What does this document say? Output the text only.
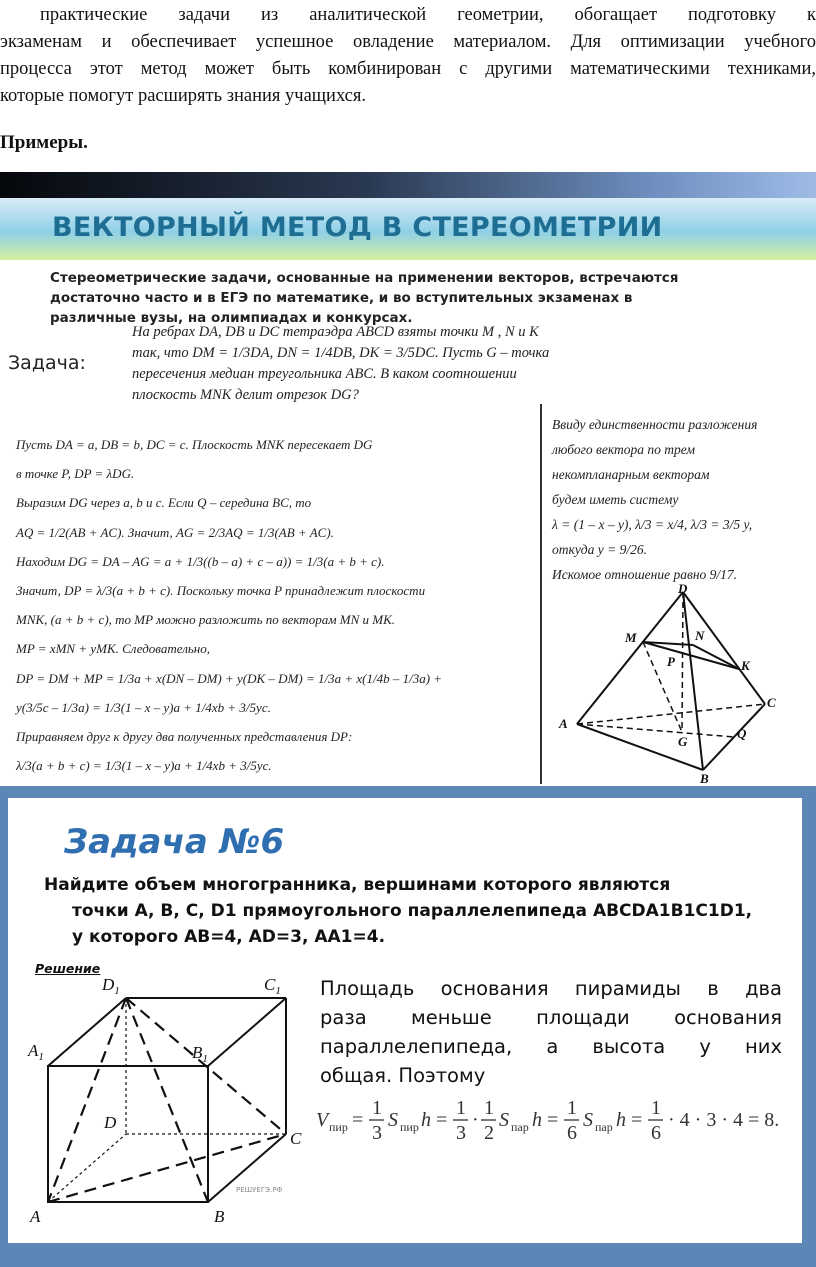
практические задачи из аналитической геометрии, обогащает подготовку к
экзаменам и обеспечивает успешное овладение материалом. Для оптимизации учебного
процесса этот метод может быть комбинирован с другими математическими техниками,
которые помогут расширять знания учащихся.
Примеры.
ВЕКТОРНЫЙ МЕТОД В СТЕРЕОМЕТРИИ
Стереометрические задачи, основанные на применении векторов, встречаются
достаточно часто и в ЕГЭ по математике, и во вступительных экзаменах в
различные вузы, на олимпиадах и конкурсах.
Задача:
На ребрах DA, DB и DC тетраэдра ABCD взяты точки M , N и K
так, что DM = 1/3DA, DN = 1/4DB, DK = 3/5DC. Пусть G – точка
пересечения медиан треугольника ABC. В каком соотношении
плоскость MNK делит отрезок DG?
Пусть DA = a, DB = b, DC = c. Плоскость MNK пересекает DG
в точке P, DP = λDG.
Выразим DG через a, b и c. Если Q – середина BC, то
AQ = 1/2(AB + AC). Значит, AG = 2/3AQ = 1/3(AB + AC).
Находим DG = DA – AG = a + 1/3((b – a) + c – a)) = 1/3(a + b + c).
Значит, DP = λ/3(a + b + c). Поскольку точка P принадлежит плоскости
MNK, (a + b + c), то MP можно разложить по векторам MN и MK.
MP = xMN + yMK. Следовательно,
DP = DM + MP = 1/3a + x(DN – DM) + y(DK – DM) = 1/3a + x(1/4b – 1/3a) +
y(3/5c – 1/3a) = 1/3(1 – x – y)a + 1/4xb + 3/5yc.
Приравняем друг к другу два полученных представления DP:
λ/3(a + b + c) = 1/3(1 – x – y)a + 1/4xb + 3/5yc.
Ввиду единственности разложения
любого вектора по трем
некомпланарным векторам
будем иметь систему
λ = (1 – x – y), λ/3 = x/4, λ/3 = 3/5 y,
откуда y = 9/26.
Искомое отношение равно 9/17.
D
M	N
P	K
A
C
G
Q
B
Задача №6
Найдите объем многогранника, вершинами которого являются
точки A, B, C, D1 прямоугольного параллелепипеда ABCDA1B1C1D1,
у которого AB=4, AD=3, AA1=4.
Решение
$D_1$	$C_1$
$A_1$	$B_1$
D
C
A	B
РЕШУЕГЭ.РФ
Площадь основания пирамиды в два
раза меньше площади основания
параллелепипеда, а высота у них
общая. Поэтому
V пир =
1
3
S пир h =
1
3
·
1
2
S пар h =
1
6
S пар h =
1
6
· 4 · 3 · 4 = 8.
